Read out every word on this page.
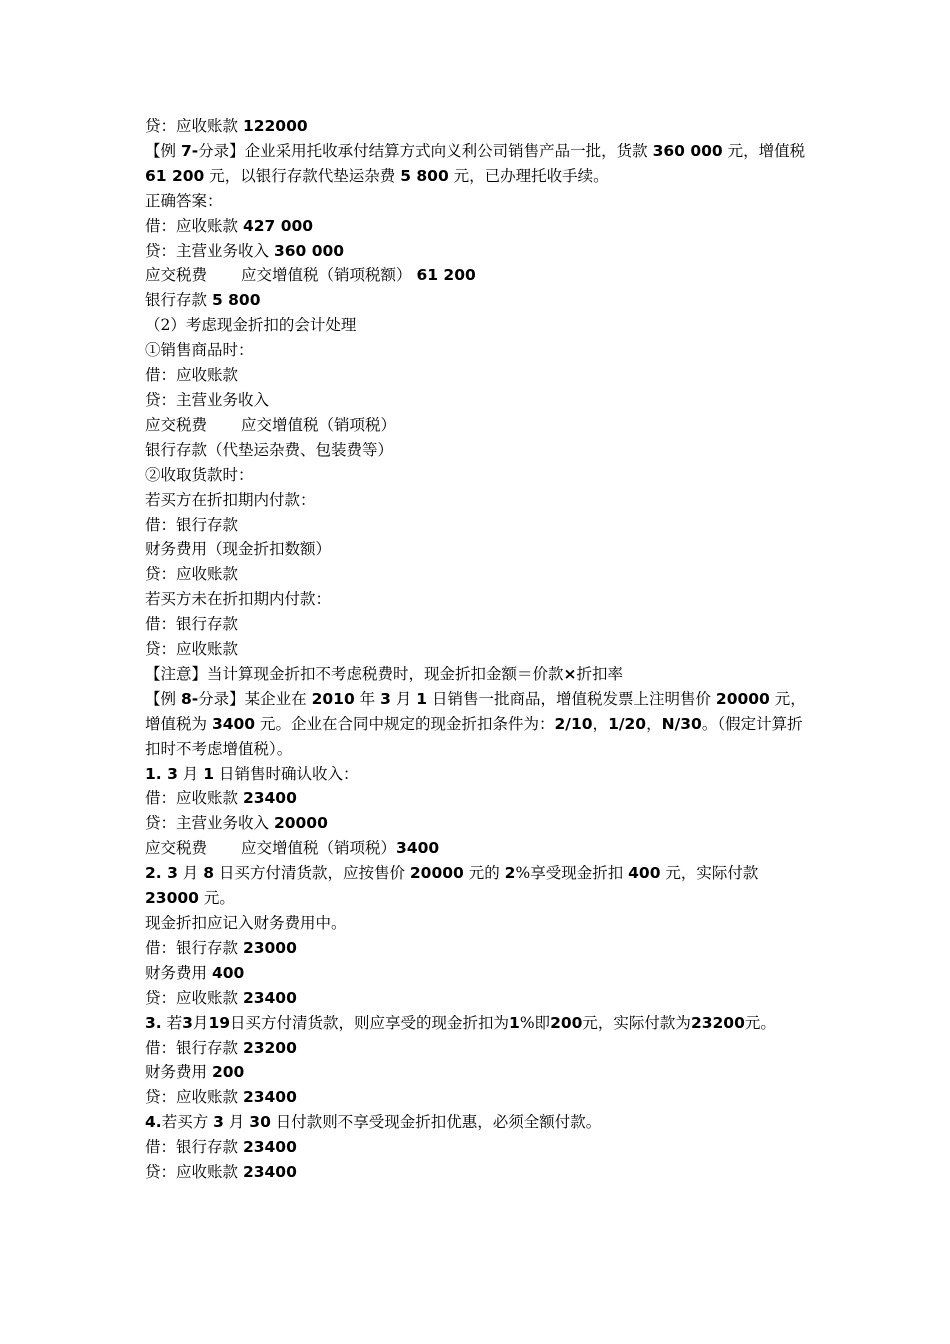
贷：应收账款 122000
【例 7-分录】企业采用托收承付结算方式向义利公司销售产品一批，货款 360 000 元，增值税 61 200 元，以银行存款代垫运杂费 5 800 元，已办理托收手续。
正确答案：
借：应收账款 427 000
贷：主营业务收入 360 000
应交税费 应交增值税（销项税额） 61 200
银行存款 5 800
（2）考虑现金折扣的会计处理
①销售商品时：
借：应收账款
贷：主营业务收入
应交税费 应交增值税（销项税）
银行存款（代垫运杂费、包装费等）
②收取货款时：
若买方在折扣期内付款：
借：银行存款
财务费用（现金折扣数额）
贷：应收账款
若买方未在折扣期内付款：
借：银行存款
贷：应收账款
【注意】当计算现金折扣不考虑税费时，现金折扣金额＝价款×折扣率
【例 8-分录】某企业在 2010 年 3 月 1 日销售一批商品，增值税发票上注明售价 20000 元，增值税为 3400 元。企业在合同中规定的现金折扣条件为：2/10，1/20，N/30。（假定计算折扣时不考虑增值税）。
1. 3 月 1 日销售时确认收入：
借：应收账款 23400
贷：主营业务收入 20000
应交税费 应交增值税（销项税）3400
2. 3 月 8 日买方付清货款，应按售价 20000 元的 2%享受现金折扣 400 元，实际付款 23000 元。
现金折扣应记入财务费用中。
借：银行存款 23000
财务费用 400
贷：应收账款 23400
3. 若3月19日买方付清货款，则应享受的现金折扣为1%即200元，实际付款为23200元。
借：银行存款 23200
财务费用 200
贷：应收账款 23400
4.若买方 3 月 30 日付款则不享受现金折扣优惠，必须全额付款。
借：银行存款 23400
贷：应收账款 23400
